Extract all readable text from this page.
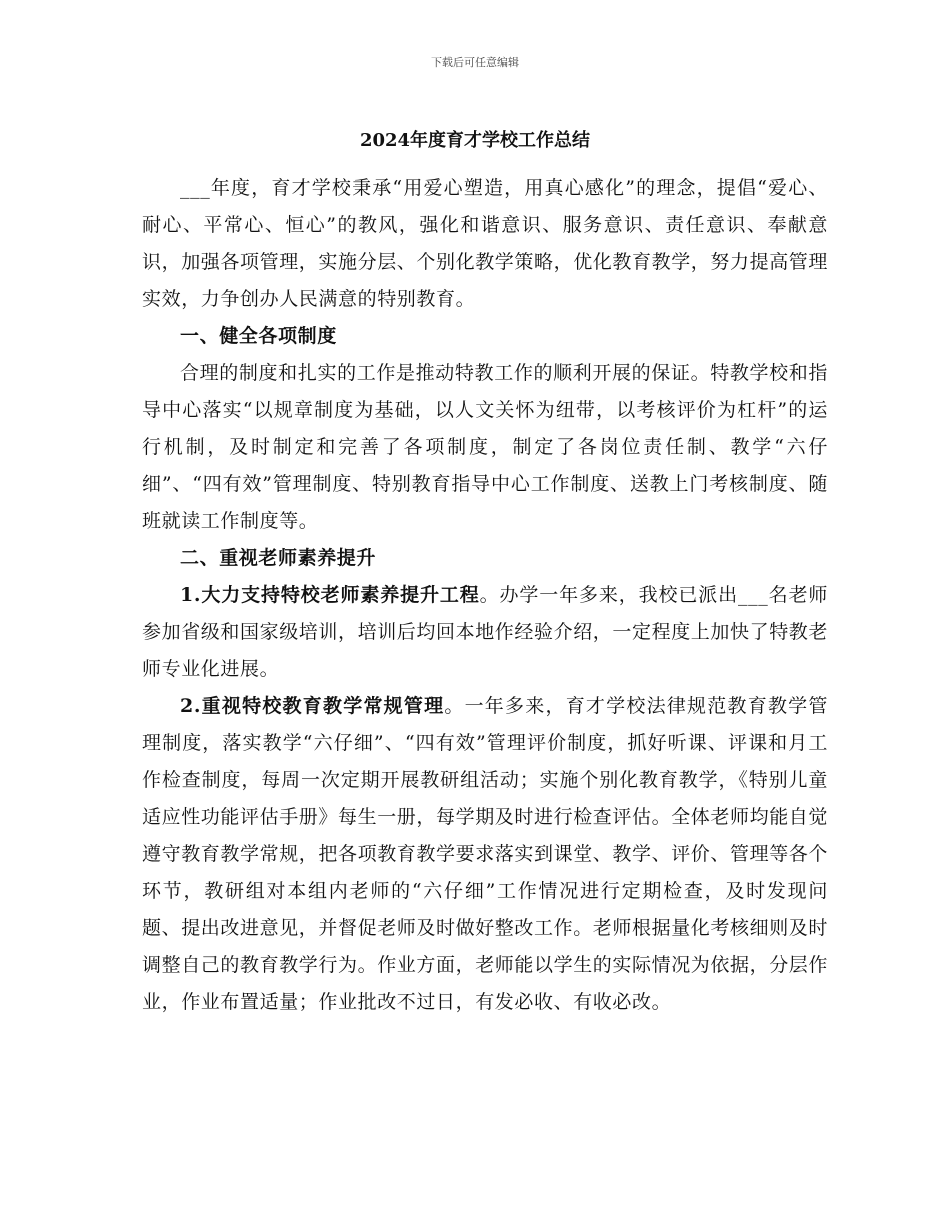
下载后可任意编辑
2024年度育才学校工作总结

___年度，育才学校秉承“用爱心塑造，用真心感化”的理念，提倡“爱心、耐心、平常心、恒心”的教风，强化和谐意识、服务意识、责任意识、奉献意识，加强各项管理，实施分层、个别化教学策略，优化教育教学，努力提高管理实效，力争创办人民满意的特别教育。

一、健全各项制度

合理的制度和扎实的工作是推动特教工作的顺利开展的保证。特教学校和指导中心落实“以规章制度为基础，以人文关怀为纽带，以考核评价为杠杆”的运行机制，及时制定和完善了各项制度，制定了各岗位责任制、教学“六仔细”、“四有效”管理制度、特别教育指导中心工作制度、送教上门考核制度、随班就读工作制度等。

二、重视老师素养提升

1.大力支持特校老师素养提升工程。办学一年多来，我校已派出___名老师参加省级和国家级培训，培训后均回本地作经验介绍，一定程度上加快了特教老师专业化进展。

2.重视特校教育教学常规管理。一年多来，育才学校法律规范教育教学管理制度，落实教学“六仔细”、“四有效”管理评价制度，抓好听课、评课和月工作检查制度，每周一次定期开展教研组活动；实施个别化教育教学，《特别儿童适应性功能评估手册》每生一册，每学期及时进行检查评估。全体老师均能自觉遵守教育教学常规，把各项教育教学要求落实到课堂、教学、评价、管理等各个环节，教研组对本组内老师的“六仔细”工作情况进行定期检查，及时发现问题、提出改进意见，并督促老师及时做好整改工作。老师根据量化考核细则及时调整自己的教育教学行为。作业方面，老师能以学生的实际情况为依据，分层作业，作业布置适量；作业批改不过日，有发必收、有收必改。
